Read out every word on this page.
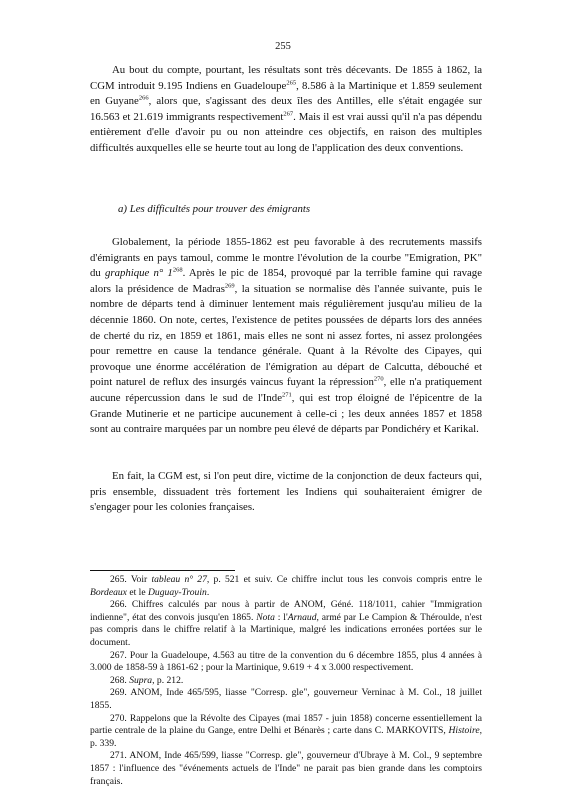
255

Au bout du compte, pourtant, les résultats sont très décevants. De 1855 à 1862, la CGM introduit 9.195 Indiens en Guadeloupe$^{265}$, 8.586 à la Martinique et 1.859 seulement en Guyane$^{266}$, alors que, s'agissant des deux îles des Antilles, elle s'était engagée sur 16.563 et 21.619 immigrants respectivement$^{267}$. Mais il est vrai aussi qu'il n'a pas dépendu entièrement d'elle d'avoir pu ou non atteindre ces objectifs, en raison des multiples difficultés auxquelles elle se heurte tout au long de l'application des deux conventions.

a) Les difficultés pour trouver des émigrants

Globalement, la période 1855-1862 est peu favorable à des recrutements massifs d'émigrants en pays tamoul, comme le montre l'évolution de la courbe "Emigration, PK" du graphique n° $1^{268}$. Après le pic de 1854, provoqué par la terrible famine qui ravage alors la présidence de Madras$^{269}$, la situation se normalise dès l'année suivante, puis le nombre de départs tend à diminuer lentement mais régulièrement jusqu'au milieu de la décennie 1860. On note, certes, l'existence de petites poussées de départs lors des années de cherté du riz, en 1859 et 1861, mais elles ne sont ni assez fortes, ni assez prolongées pour remettre en cause la tendance générale. Quant à la Révolte des Cipayes, qui provoque une énorme accélération de l'émigration au départ de Calcutta, débouché et point naturel de reflux des insurgés vaincus fuyant la répression$^{270}$, elle n'a pratiquement aucune répercussion dans le sud de l'Inde$^{271}$, qui est trop éloigné de l'épicentre de la Grande Mutinerie et ne participe aucunement à celle-ci ; les deux années 1857 et 1858 sont au contraire marquées par un nombre peu élevé de départs par Pondichéry et Karikal.

En fait, la CGM est, si l'on peut dire, victime de la conjonction de deux facteurs qui, pris ensemble, dissuadent très fortement les Indiens qui souhaiteraient émigrer de s'engager pour les colonies françaises.

265. Voir tableau n° 27, p. 521 et suiv. Ce chiffre inclut tous les convois compris entre le Bordeaux et le Duguay-Trouin.

266. Chiffres calculés par nous à partir de ANOM, Géné. 118/1011, cahier "Immigration indienne", état des convois jusqu'en 1865. Nota : l'Arnaud, armé par Le Campion & Théroulde, n'est pas compris dans le chiffre relatif à la Martinique, malgré les indications erronées portées sur le document.

267. Pour la Guadeloupe, 4.563 au titre de la convention du 6 décembre 1855, plus 4 années à 3.000 de 1858-59 à 1861-62 ; pour la Martinique, 9.619 + 4 x 3.000 respectivement.

268. Supra, p. 212.

269. ANOM, Inde 465/595, liasse "Corresp. gle", gouverneur Verninac à M. Col., 18 juillet 1855.

270. Rappelons que la Révolte des Cipayes (mai 1857 - juin 1858) concerne essentiellement la partie centrale de la plaine du Gange, entre Delhi et Bénarès ; carte dans C. MARKOVITS, Histoire, p. 339.

271. ANOM, Inde 465/599, liasse "Corresp. gle", gouverneur d'Ubraye à M. Col., 9 septembre 1857 : l'influence des "événements actuels de l'Inde" ne parait pas bien grande dans les comptoirs français.
